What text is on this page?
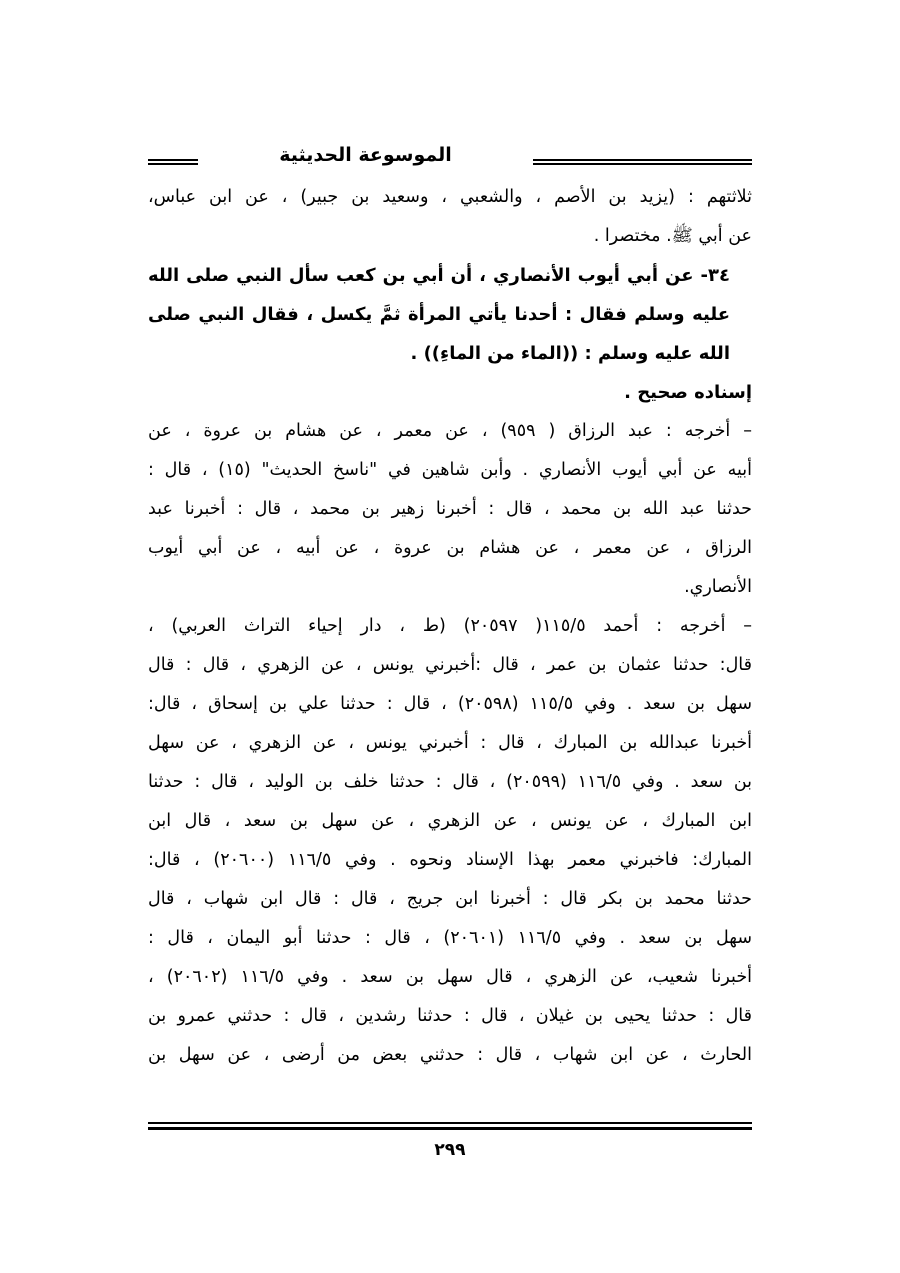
الموسوعة الحديثية
ثلاثتهم : (يزيد بن الأصم ، والشعبي ، وسعيد بن جبير) ، عن ابن عباس،
عن أبي ﷺ. مختصرا .
٣٤- عن أبي أيوب الأنصاري ، أن أبي بن كعب سأل النبي صلى الله
عليه وسلم فقال : أحدنا يأتي المرأة ثمَّ يكسل ، فقال النبي صلى
الله عليه وسلم : ((الماء من الماءِ)) .
إسناده صحيح .
– أخرجه : عبد الرزاق ( ٩٥٩) ، عن معمر ، عن هشام بن عروة ، عن
أبيه عن أبي أيوب الأنصاري . وأبن شاهين في "ناسخ الحديث" (١٥) ، قال :
حدثنا عبد الله بن محمد ، قال : أخبرنا زهير بن محمد ، قال : أخبرنا عبد
الرزاق ، عن معمر ، عن هشام بن عروة ، عن أبيه ، عن أبي أيوب
الأنصاري.
– أخرجه : أحمد ١١٥/٥( ٢٠٥٩٧) (ط ، دار إحياء التراث العربي) ،
قال: حدثنا عثمان بن عمر ، قال :أخبرني يونس ، عن الزهري ، قال : قال
سهل بن سعد . وفي ١١٥/٥ (٢٠٥٩٨) ، قال : حدثنا علي بن إسحاق ، قال:
أخبرنا عبدالله بن المبارك ، قال : أخبرني يونس ، عن الزهري ، عن سهل
بن سعد . وفي ١١٦/٥ (٢٠٥٩٩) ، قال : حدثنا خلف بن الوليد ، قال : حدثنا
ابن المبارك ، عن يونس ، عن الزهري ، عن سهل بن سعد ، قال ابن
المبارك: فاخبرني معمر بهذا الإسناد ونحوه . وفي ١١٦/٥ (٢٠٦٠٠) ، قال:
حدثنا محمد بن بكر قال : أخبرنا ابن جريج ، قال : قال ابن شهاب ، قال
سهل بن سعد . وفي ١١٦/٥ (٢٠٦٠١) ، قال : حدثنا أبو اليمان ، قال :
أخبرنا شعيب، عن الزهري ، قال سهل بن سعد . وفي ١١٦/٥ (٢٠٦٠٢) ،
قال : حدثنا يحيى بن غيلان ، قال : حدثنا رشدين ، قال : حدثني عمرو بن
الحارث ، عن ابن شهاب ، قال : حدثني بعض من أرضى ، عن سهل بن
٢٩٩
